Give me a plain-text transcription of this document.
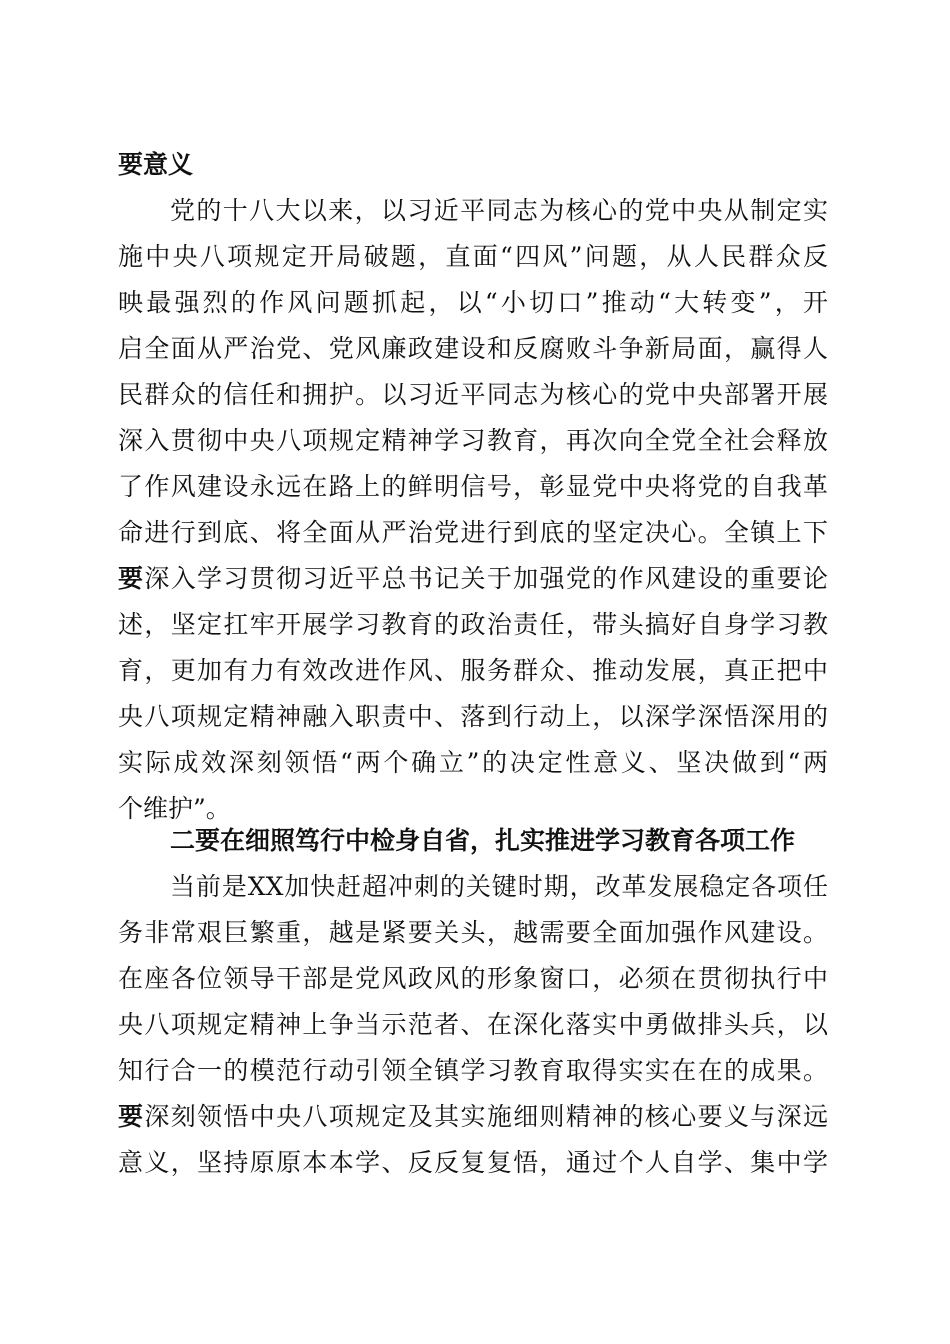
要意义
党的十八大以来，以习近平同志为核心的党中央从制定实
施中央八项规定开局破题，直面“四风”问题，从人民群众反
映最强烈的作风问题抓起，以“小切口”推动“大转变”，开
启全面从严治党、党风廉政建设和反腐败斗争新局面，赢得人
民群众的信任和拥护。以习近平同志为核心的党中央部署开展
深入贯彻中央八项规定精神学习教育，再次向全党全社会释放
了作风建设永远在路上的鲜明信号，彰显党中央将党的自我革
命进行到底、将全面从严治党进行到底的坚定决心。全镇上下
要深入学习贯彻习近平总书记关于加强党的作风建设的重要论
述，坚定扛牢开展学习教育的政治责任，带头搞好自身学习教
育，更加有力有效改进作风、服务群众、推动发展，真正把中
央八项规定精神融入职责中、落到行动上，以深学深悟深用的
实际成效深刻领悟“两个确立”的决定性意义、坚决做到“两
个维护”。
二要在细照笃行中检身自省，扎实推进学习教育各项工作
当前是XX加快赶超冲刺的关键时期，改革发展稳定各项任
务非常艰巨繁重，越是紧要关头，越需要全面加强作风建设。
在座各位领导干部是党风政风的形象窗口，必须在贯彻执行中
央八项规定精神上争当示范者、在深化落实中勇做排头兵，以
知行合一的模范行动引领全镇学习教育取得实实在在的成果。
要深刻领悟中央八项规定及其实施细则精神的核心要义与深远
意义，坚持原原本本学、反反复复悟，通过个人自学、集中学
